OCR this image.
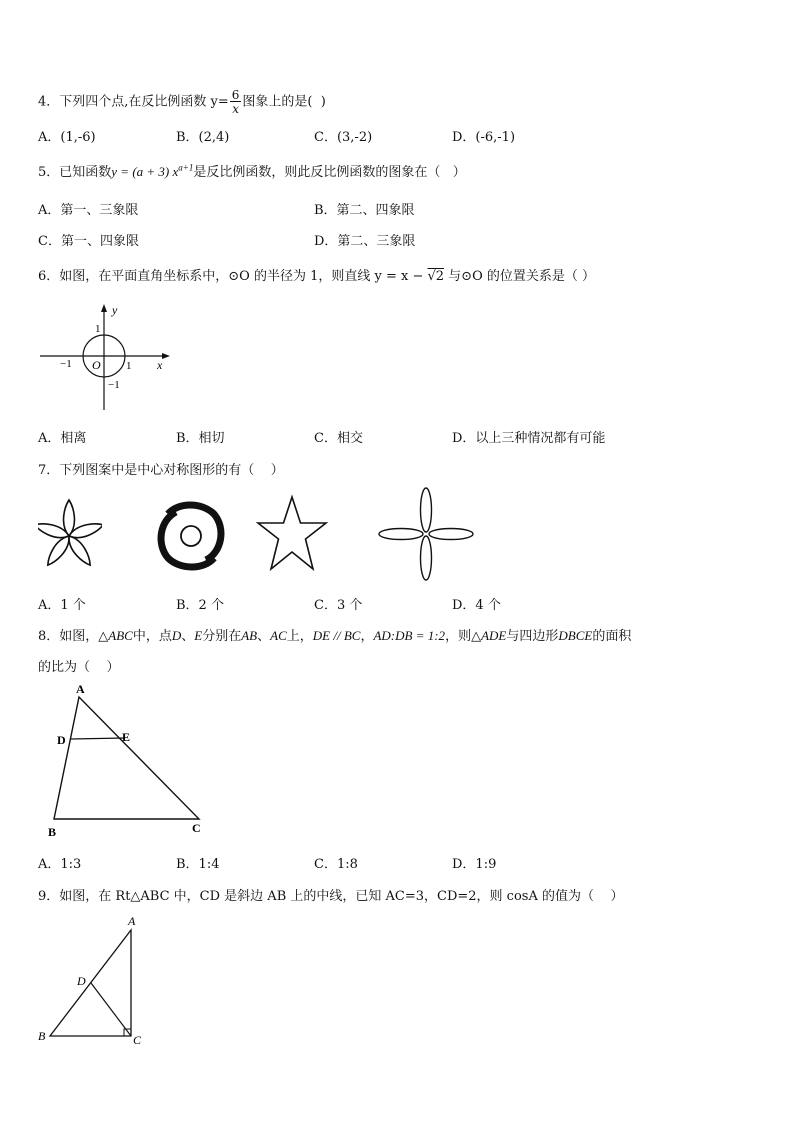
4．下列四个点,在反比例函数 $y= \frac{6}{x}$ 图象上的是(  )
A．(1,-6)	B．(2,4)	C．(3,-2)	D．(-6,-1)
5．已知函数y = (a + 3) $x^{a+1}$是反比例函数，则此反比例函数的图象在（   ）
A．第一、三象限	B．第二、四象限
C．第一、四象限	D．第二、三象限
6．如图，在平面直角坐标系中，⊙O 的半径为 1，则直线 y = x − √2 与⊙O 的位置关系是（ ）
y
x
O
1
1
−1
−1
A．相离	B．相切	C．相交	D．以上三种情况都有可能
7．下列图案中是中心对称图形的有（    ）
A．1 个	B．2 个	C．3 个	D．4 个
8．如图，△ABC中，点D、E分别在AB、AC上，DE // BC，AD:DB = 1:2，则△ADE与四边形DBCE的面积
的比为（    ）
A
D	E
B	C
A．1:3	B．1:4	C．1:8	D．1:9
9．如图，在 Rt△ABC 中，CD 是斜边 AB 上的中线，已知 AC=3，CD=2，则 cosA 的值为（    ）
A
D
B	C
